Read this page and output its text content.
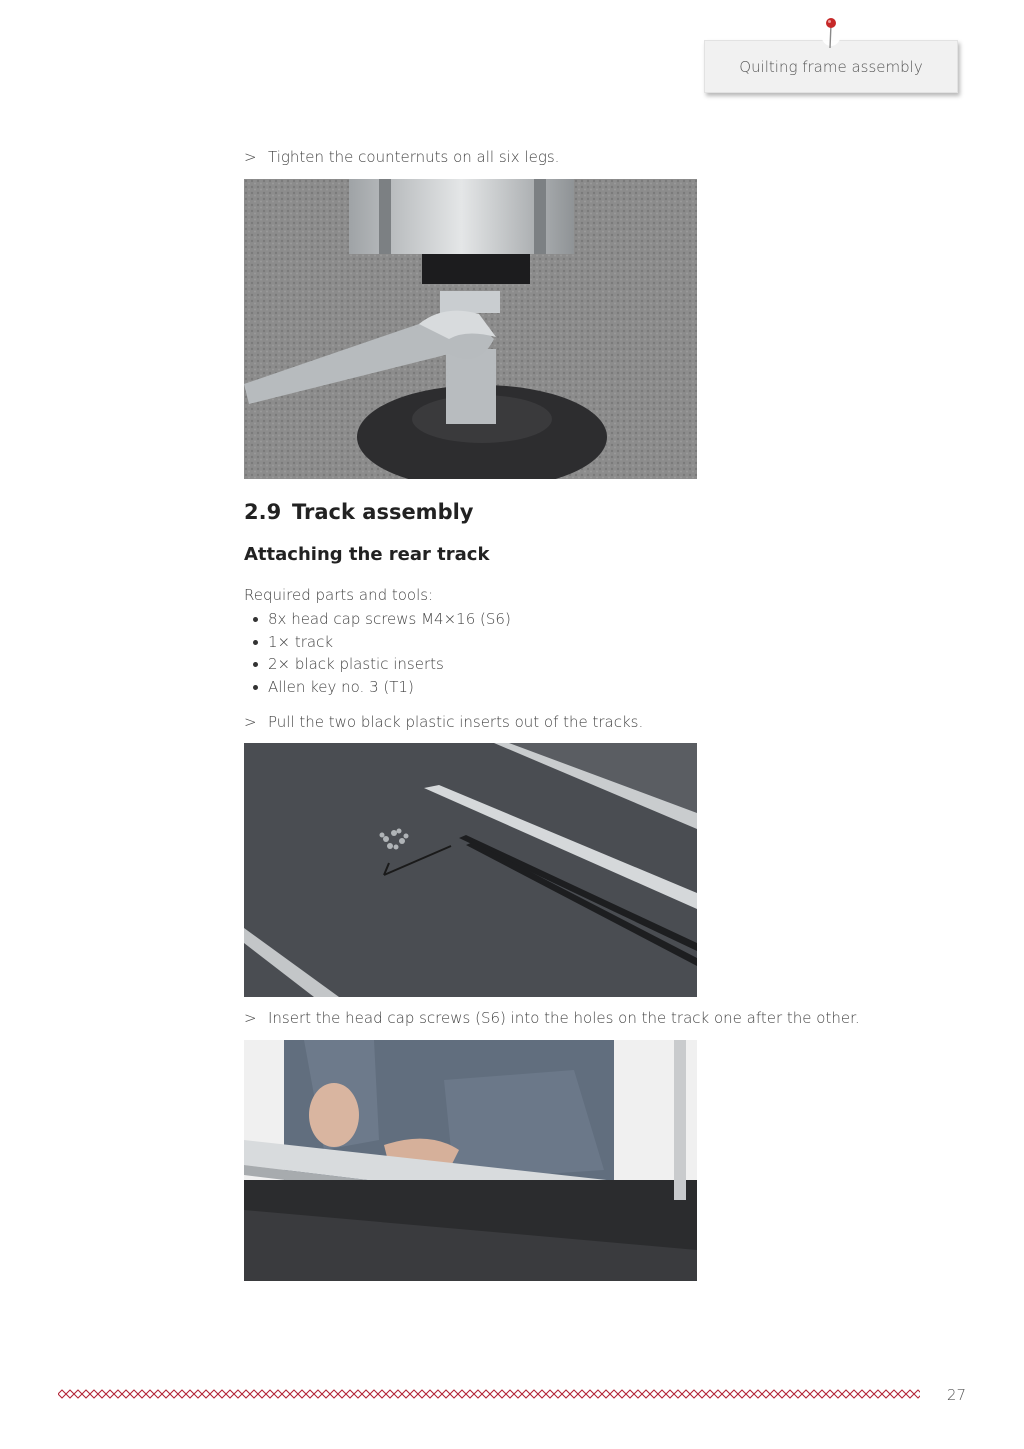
Quilting frame assembly
> Tighten the counternuts on all six legs.
2.9 Track assembly
Attaching the rear track
Required parts and tools:
8x head cap screws M4×16 (S6)
1× track
2× black plastic inserts
Allen key no. 3 (T1)
> Pull the two black plastic inserts out of the tracks.
> Insert the head cap screws (S6) into the holes on the track one after the other.
27
